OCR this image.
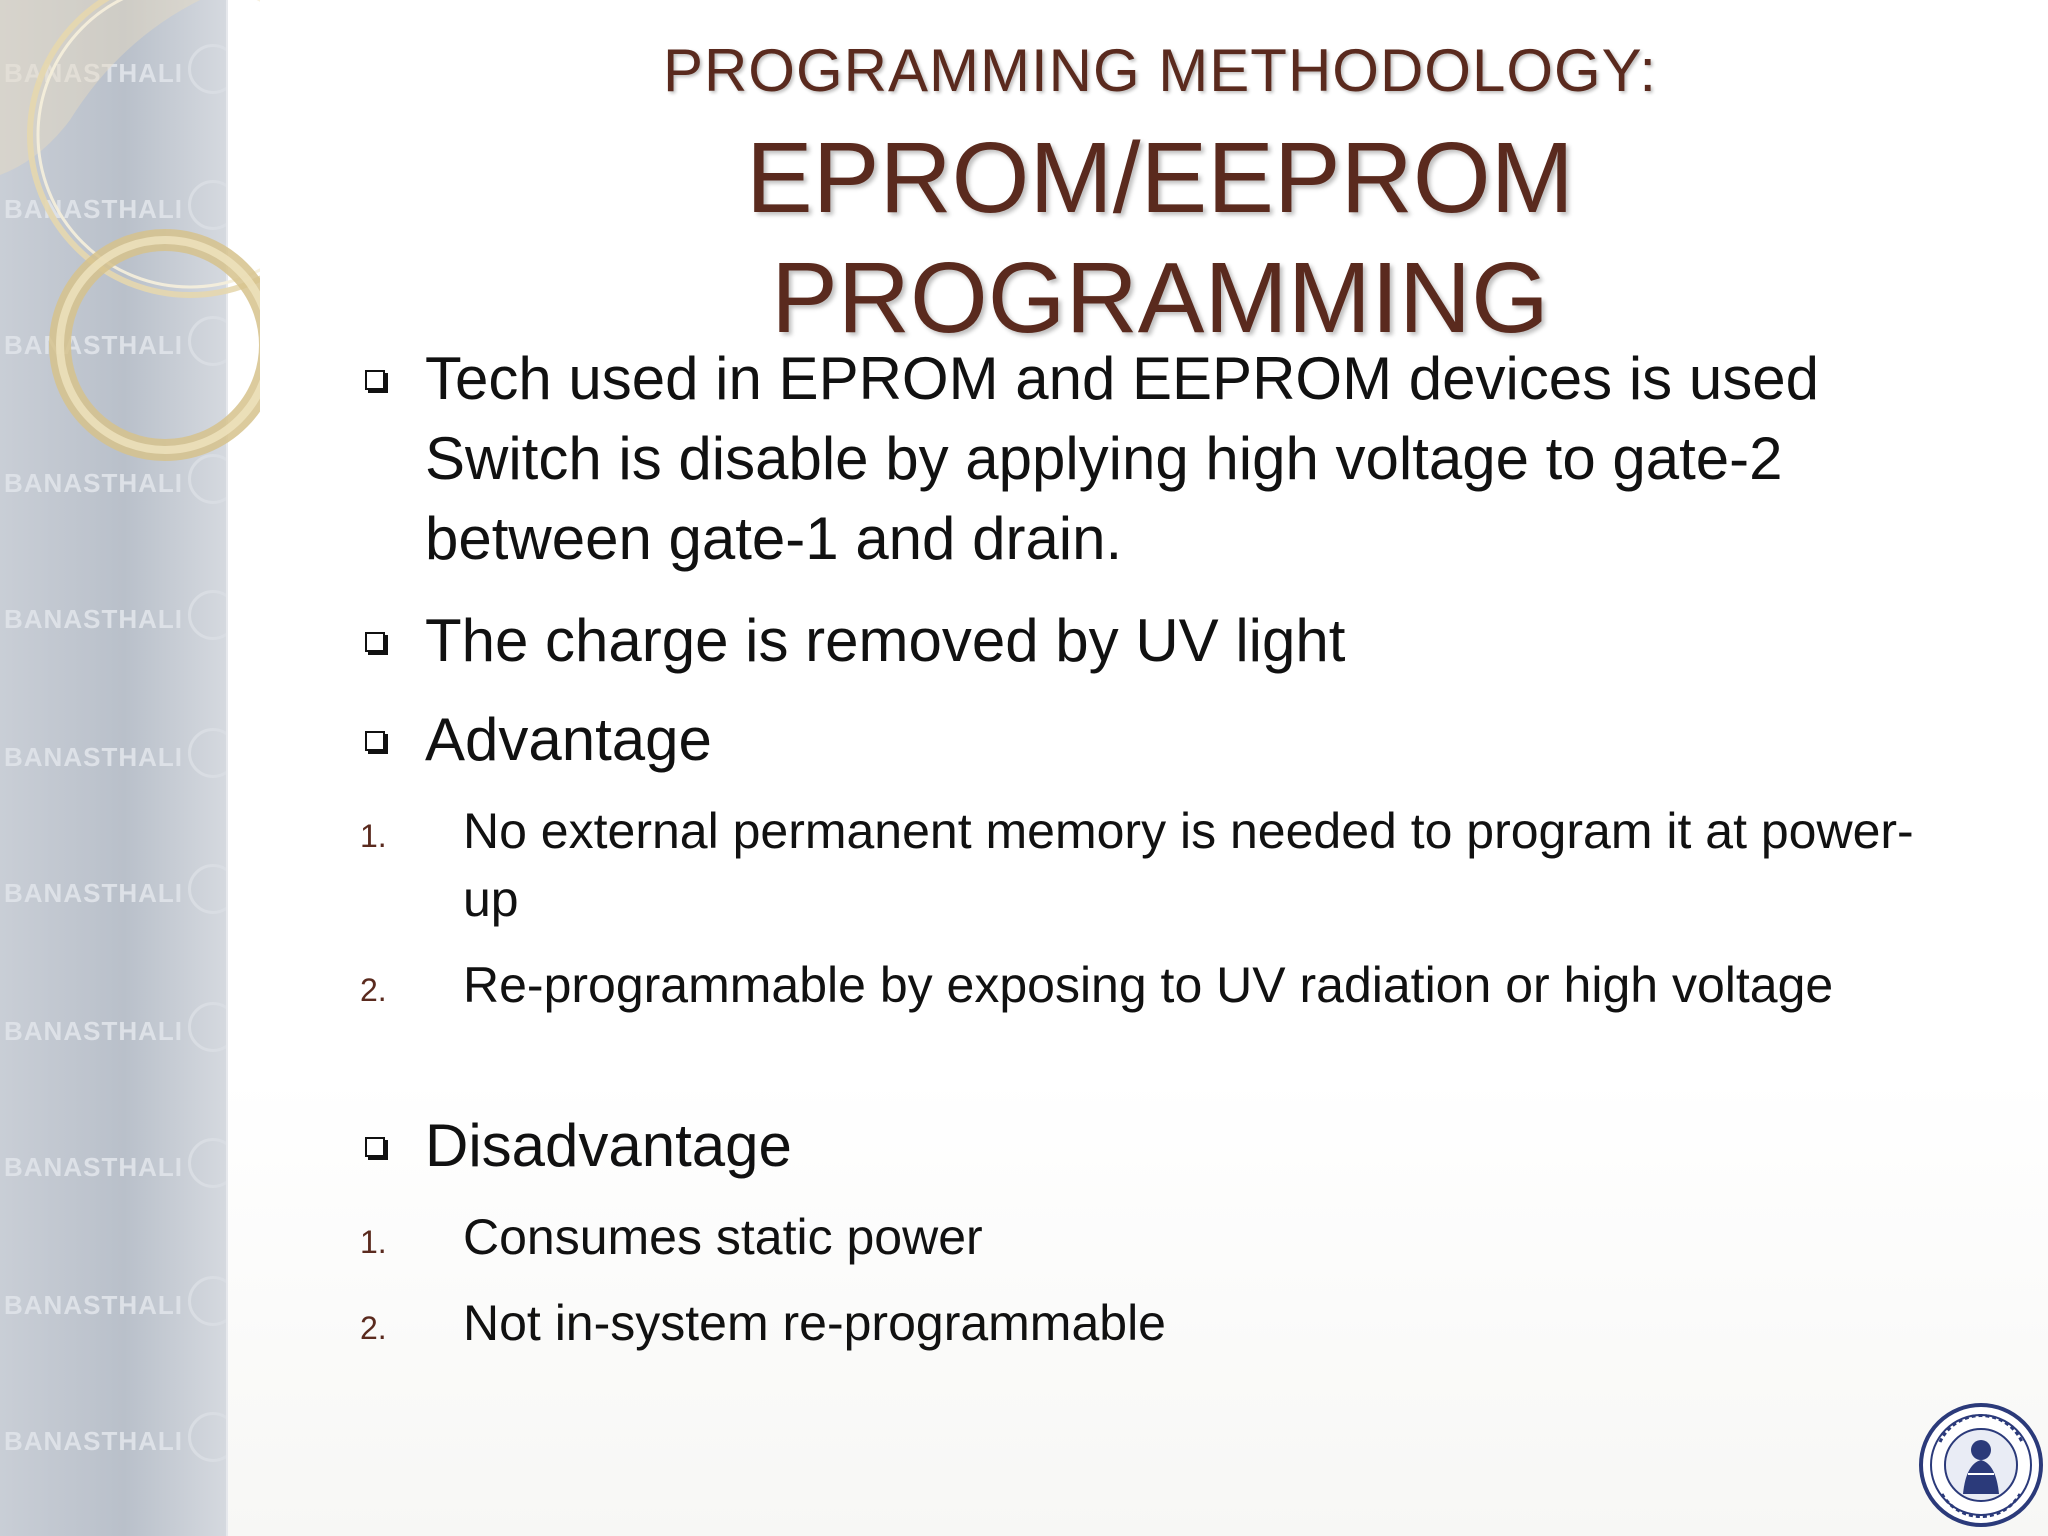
BANASTHALI
BANASTHALI
BANASTHALI
BANASTHALI
BANASTHALI
BANASTHALI
BANASTHALI
BANASTHALI
BANASTHALI
BANASTHALI
BANASTHALI
PROGRAMMING METHODOLOGY:
EPROM/EEPROM
PROGRAMMING
Tech used in EPROM and EEPROM devices is used Switch is disable by applying high voltage to gate-2 between gate-1 and drain.
The charge is removed by UV light
Advantage
1. No external permanent memory is needed to program it at power-up
2. Re-programmable by exposing to UV radiation or high voltage
Disadvantage
1. Consumes static power
2. Not in-system re-programmable
